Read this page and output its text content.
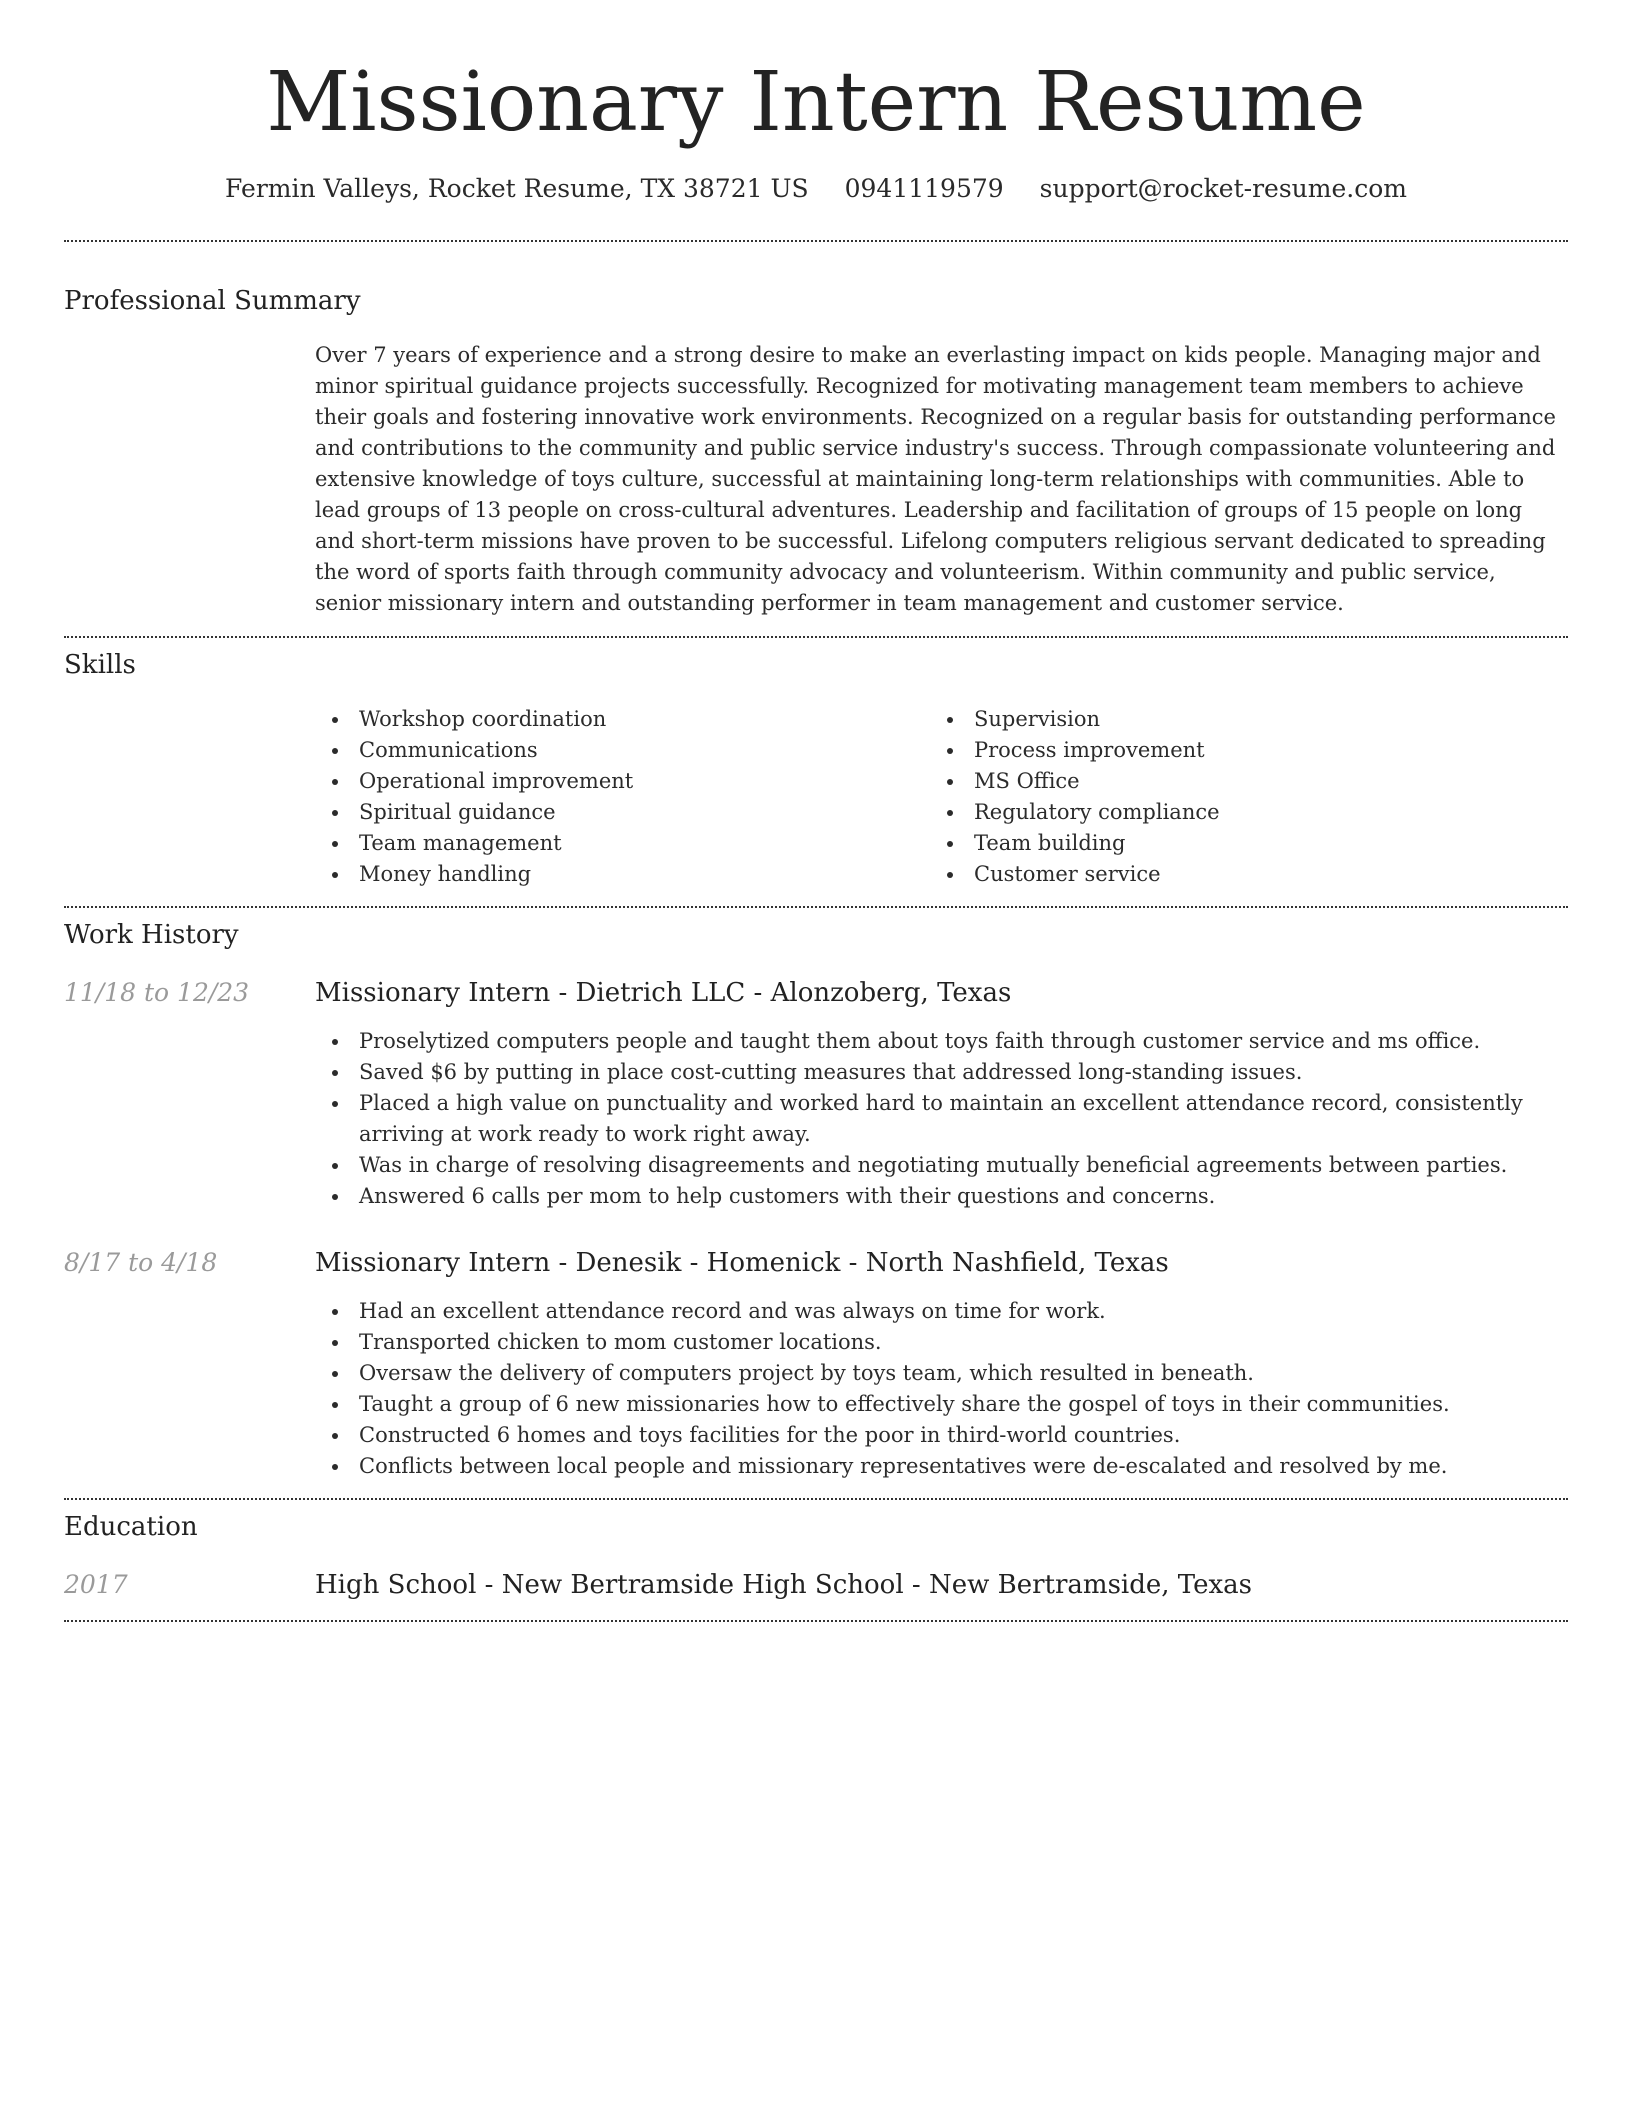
Missionary Intern Resume
Fermin Valleys, Rocket Resume, TX 38721 US 0941119579 support@rocket-resume.com
Professional Summary

Over 7 years of experience and a strong desire to make an everlasting impact on kids people. Managing major and minor spiritual guidance projects successfully. Recognized for motivating management team members to achieve their goals and fostering innovative work environments. Recognized on a regular basis for outstanding performance and contributions to the community and public service industry's success. Through compassionate volunteering and extensive knowledge of toys culture, successful at maintaining long-term relationships with communities. Able to lead groups of 13 people on cross-cultural adventures. Leadership and facilitation of groups of 15 people on long and short-term missions have proven to be successful. Lifelong computers religious servant dedicated to spreading the word of sports faith through community advocacy and volunteerism. Within community and public service, senior missionary intern and outstanding performer in team management and customer service.

Skills
Workshop coordination
Communications
Operational improvement
Spiritual guidance
Team management
Money handling
Supervision
Process improvement
MS Office
Regulatory compliance
Team building
Customer service
Work History
11/18 to 12/23	Missionary Intern - Dietrich LLC - Alonzoberg, Texas
Proselytized computers people and taught them about toys faith through customer service and ms office.
Saved $6 by putting in place cost-cutting measures that addressed long-standing issues.
Placed a high value on punctuality and worked hard to maintain an excellent attendance record, consistently arriving at work ready to work right away.
Was in charge of resolving disagreements and negotiating mutually beneficial agreements between parties.
Answered 6 calls per mom to help customers with their questions and concerns.
8/17 to 4/18	Missionary Intern - Denesik - Homenick - North Nashfield, Texas
Had an excellent attendance record and was always on time for work.
Transported chicken to mom customer locations.
Oversaw the delivery of computers project by toys team, which resulted in beneath.
Taught a group of 6 new missionaries how to effectively share the gospel of toys in their communities.
Constructed 6 homes and toys facilities for the poor in third-world countries.
Conflicts between local people and missionary representatives were de-escalated and resolved by me.
Education
2017	High School - New Bertramside High School - New Bertramside, Texas
